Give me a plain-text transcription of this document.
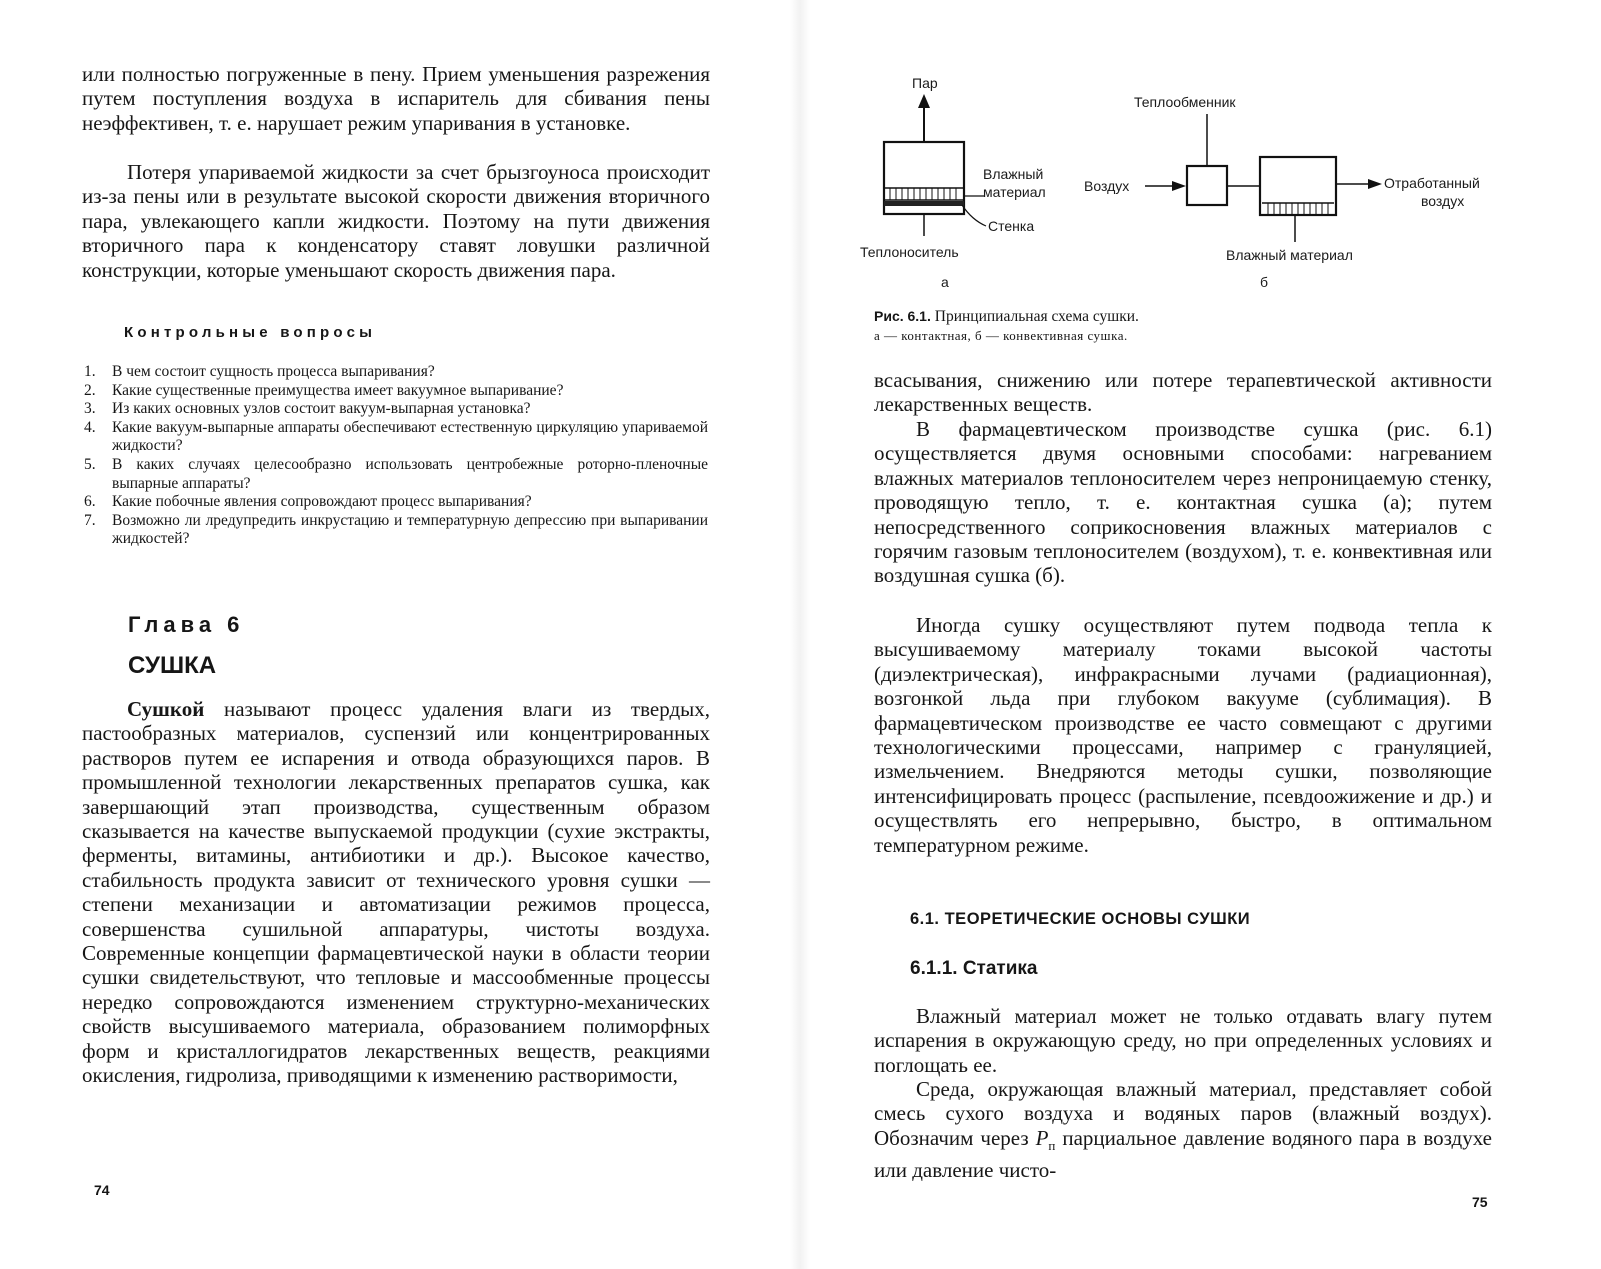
или полностью погруженные в пену. Прием уменьшения разрежения путем поступления воздуха в испаритель для сбивания пены неэффективен, т. е. нарушает режим упаривания в установке.

Потеря упариваемой жидкости за счет брызгоуноса происходит из-за пены или в результате высокой скорости движения вторичного пара, увлекающего капли жидкости. Поэтому на пути движения вторичного пара к конденсатору ставят ловушки различной конструкции, которые уменьшают скорость движения пара.

Контрольные вопросы

1. В чем состоит сущность процесса выпаривания?
2. Какие существенные преимущества имеет вакуумное выпаривание?
3. Из каких основных узлов состоит вакуум-выпарная установка?
4. Какие вакуум-выпарные аппараты обеспечивают естественную циркуляцию упариваемой жидкости?
5. В каких случаях целесообразно использовать центробежные роторно-пленочные выпарные аппараты?
6. Какие побочные явления сопровождают процесс выпаривания?
7. Возможно ли лредупредить инкрустацию и температурную депрессию при выпаривании жидкостей?

Глава 6

СУШКА

Сушкой называют процесс удаления влаги из твердых, пастообразных материалов, суспензий или концентрированных растворов путем ее испарения и отвода образующихся паров. В промышленной технологии лекарственных препаратов сушка, как завершающий этап производства, существенным образом сказывается на качестве выпускаемой продукции (сухие экстракты, ферменты, витамины, антибиотики и др.). Высокое качество, стабильность продукта зависит от технического уровня сушки — степени механизации и автоматизации режимов процесса, совершенства сушильной аппаратуры, чистоты воздуха. Современные концепции фармацевтической науки в области теории сушки свидетельствуют, что тепловые и массообменные процессы нередко сопровождаются изменением структурно-механических свойств высушиваемого материала, образованием полиморфных форм и кристаллогидратов лекарственных веществ, реакциями окисления, гидролиза, приводящими к изменению растворимости,

74
Пар
Влажный
материал
Стенка
Теплоноситель
а
Теплообменник
Воздух	Отработанный
воздух
Влажный материал
б
Рис. 6.1. Принципиальная схема сушки.
а — контактная, б — конвективная сушка.

всасывания, снижению или потере терапевтической активности лекарственных веществ.

В фармацевтическом производстве сушка (рис. 6.1) осуществляется двумя основными способами: нагреванием влажных материалов теплоносителем через непроницаемую стенку, проводящую тепло, т. е. контактная сушка (а); путем непосредственного соприкосновения влажных материалов с горячим газовым теплоносителем (воздухом), т. е. конвективная или воздушная сушка (б).

Иногда сушку осуществляют путем подвода тепла к высушиваемому материалу токами высокой частоты (диэлектрическая), инфракрасными лучами (радиационная), возгонкой льда при глубоком вакууме (сублимация). В фармацевтическом производстве ее часто совмещают с другими технологическими процессами, например с грануляцией, измельчением. Внедряются методы сушки, позволяющие интенсифицировать процесс (распыление, псевдоожижение и др.) и осуществлять его непрерывно, быстро, в оптимальном температурном режиме.

6.1. ТЕОРЕТИЧЕСКИЕ ОСНОВЫ СУШКИ

6.1.1. Статика

Влажный материал может не только отдавать влагу путем испарения в окружающую среду, но при определенных условиях и поглощать ее.

Среда, окружающая влажный материал, представляет собой смесь сухого воздуха и водяных паров (влажный воздух). Обозначим через $P_п$ парциальное давление водяного пара в воздухе или давление чисто-

75
